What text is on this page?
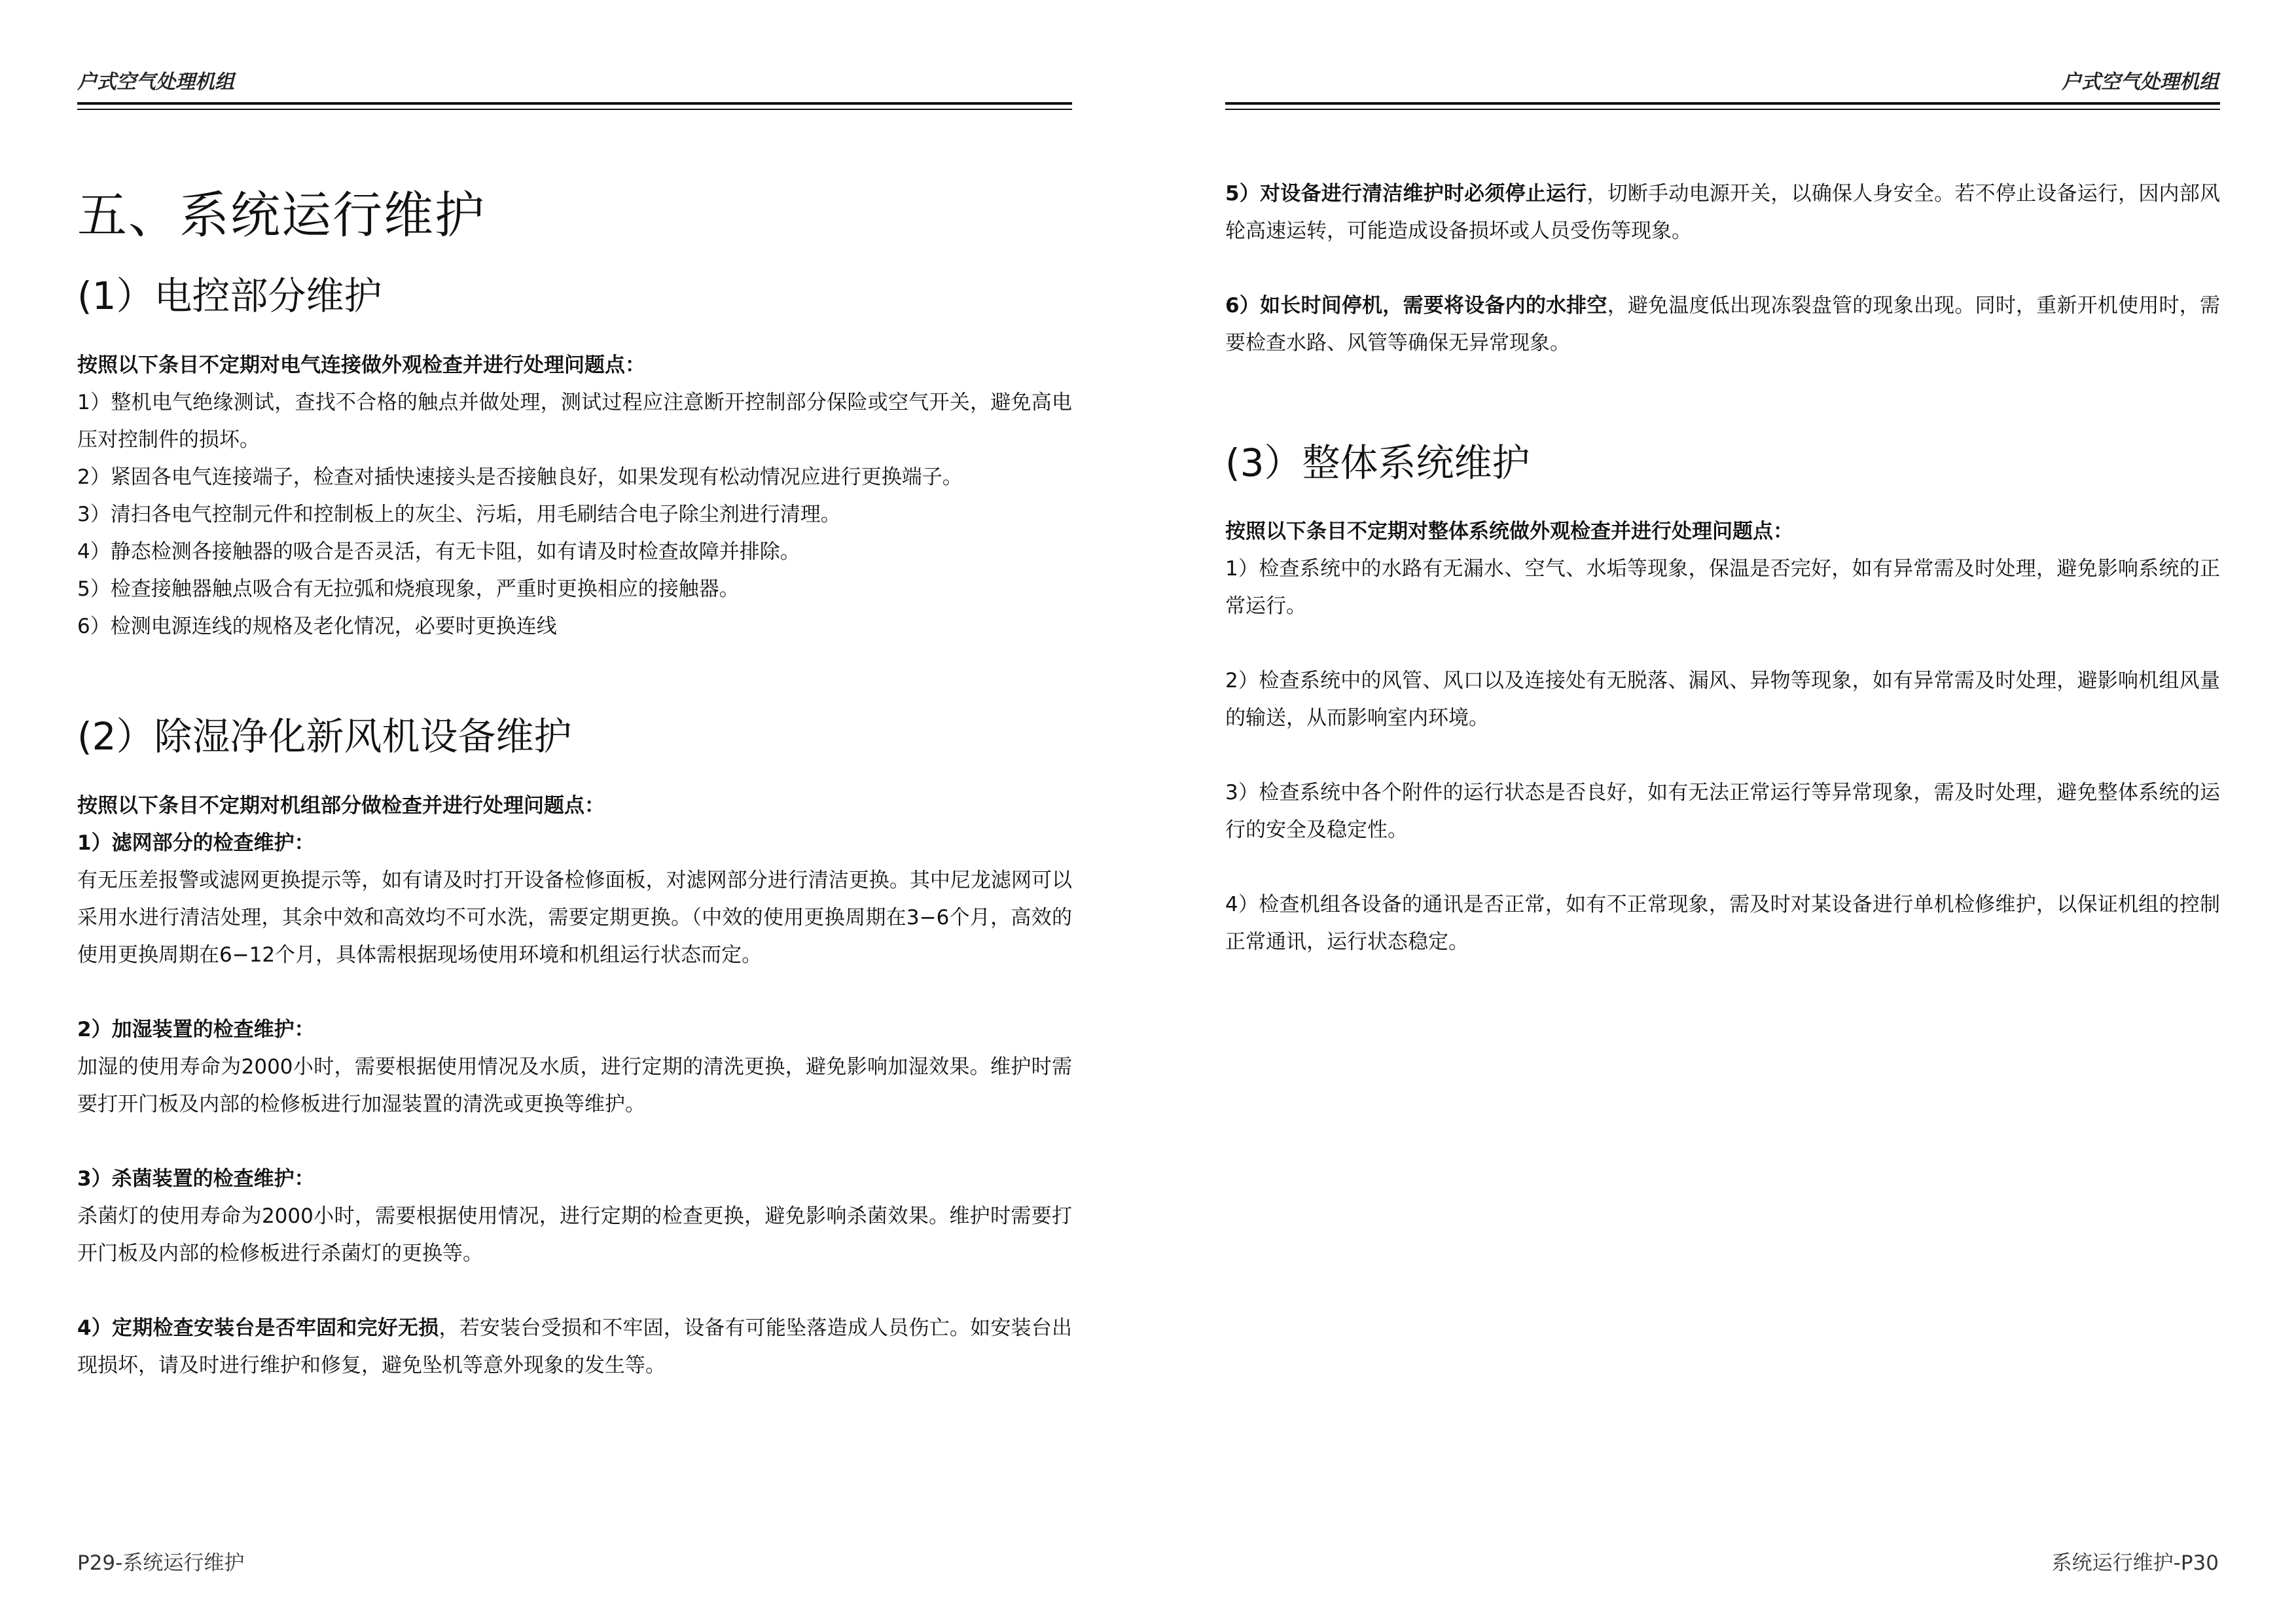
户式空气处理机组	户式空气处理机组
五、系统运行维护
(1）电控部分维护

按照以下条目不定期对电气连接做外观检查并进行处理问题点：

1）整机电气绝缘测试，查找不合格的触点并做处理，测试过程应注意断开控制部分保险或空气开关，避免高电压对控制件的损坏。

2）紧固各电气连接端子，检查对插快速接头是否接触良好，如果发现有松动情况应进行更换端子。

3）清扫各电气控制元件和控制板上的灰尘、污垢，用毛刷结合电子除尘剂进行清理。

4）静态检测各接触器的吸合是否灵活，有无卡阻，如有请及时检查故障并排除。

5）检查接触器触点吸合有无拉弧和烧痕现象，严重时更换相应的接触器。

6）检测电源连线的规格及老化情况，必要时更换连线

(2）除湿净化新风机设备维护

按照以下条目不定期对机组部分做检查并进行处理问题点：

1）滤网部分的检查维护：

有无压差报警或滤网更换提示等，如有请及时打开设备检修面板，对滤网部分进行清洁更换。其中尼龙滤网可以采用水进行清洁处理，其余中效和高效均不可水洗，需要定期更换。（中效的使用更换周期在3−6个月，高效的使用更换周期在6−12个月，具体需根据现场使用环境和机组运行状态而定。

2）加湿装置的检查维护：

加湿的使用寿命为2000小时，需要根据使用情况及水质，进行定期的清洗更换，避免影响加湿效果。维护时需要打开门板及内部的检修板进行加湿装置的清洗或更换等维护。

3）杀菌装置的检查维护：

杀菌灯的使用寿命为2000小时，需要根据使用情况，进行定期的检查更换，避免影响杀菌效果。维护时需要打开门板及内部的检修板进行杀菌灯的更换等。

4）定期检查安装台是否牢固和完好无损，若安装台受损和不牢固，设备有可能坠落造成人员伤亡。如安装台出现损坏，请及时进行维护和修复，避免坠机等意外现象的发生等。

5）对设备进行清洁维护时必须停止运行，切断手动电源开关，以确保人身安全。若不停止设备运行，因内部风轮高速运转，可能造成设备损坏或人员受伤等现象。

6）如长时间停机，需要将设备内的水排空，避免温度低出现冻裂盘管的现象出现。同时，重新开机使用时，需要检查水路、风管等确保无异常现象。

(3）整体系统维护

按照以下条目不定期对整体系统做外观检查并进行处理问题点：

1）检查系统中的水路有无漏水、空气、水垢等现象，保温是否完好，如有异常需及时处理，避免影响系统的正常运行。

2）检查系统中的风管、风口以及连接处有无脱落、漏风、异物等现象，如有异常需及时处理，避影响机组风量的输送，从而影响室内环境。

3）检查系统中各个附件的运行状态是否良好，如有无法正常运行等异常现象，需及时处理，避免整体系统的运行的安全及稳定性。

4）检查机组各设备的通讯是否正常，如有不正常现象，需及时对某设备进行单机检修维护，以保证机组的控制正常通讯，运行状态稳定。

P29-系统运行维护	系统运行维护-P30
